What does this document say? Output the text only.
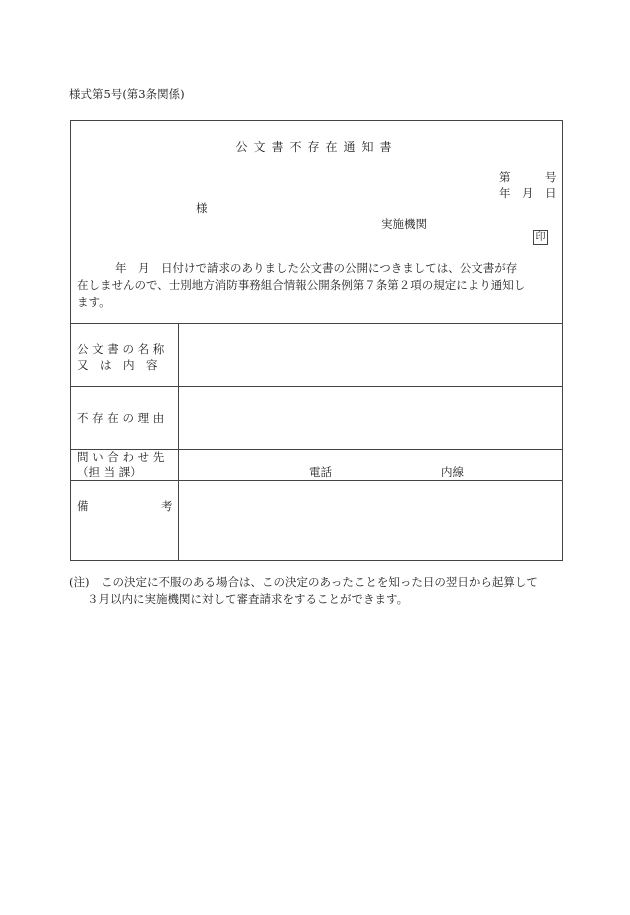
様式第5号(第3条関係)
公文書不存在通知書
第　　　号
年　月　日
様
実施機関
印
年　月　日付けで請求のありました公文書の公開につきましては、公文書が存
在しませんので、士別地方消防事務組合情報公開条例第７条第２項の規定により通知し
ます。
公 文 書 の 名 称
又　は　内　容
不 存 在 の 理 由
問 い 合 わ せ 先
（担 当 課）	電話	内線
備	考
(注)　この決定に不服のある場合は、この決定のあったことを知った日の翌日から起算して
３月以内に実施機関に対して審査請求をすることができます。
